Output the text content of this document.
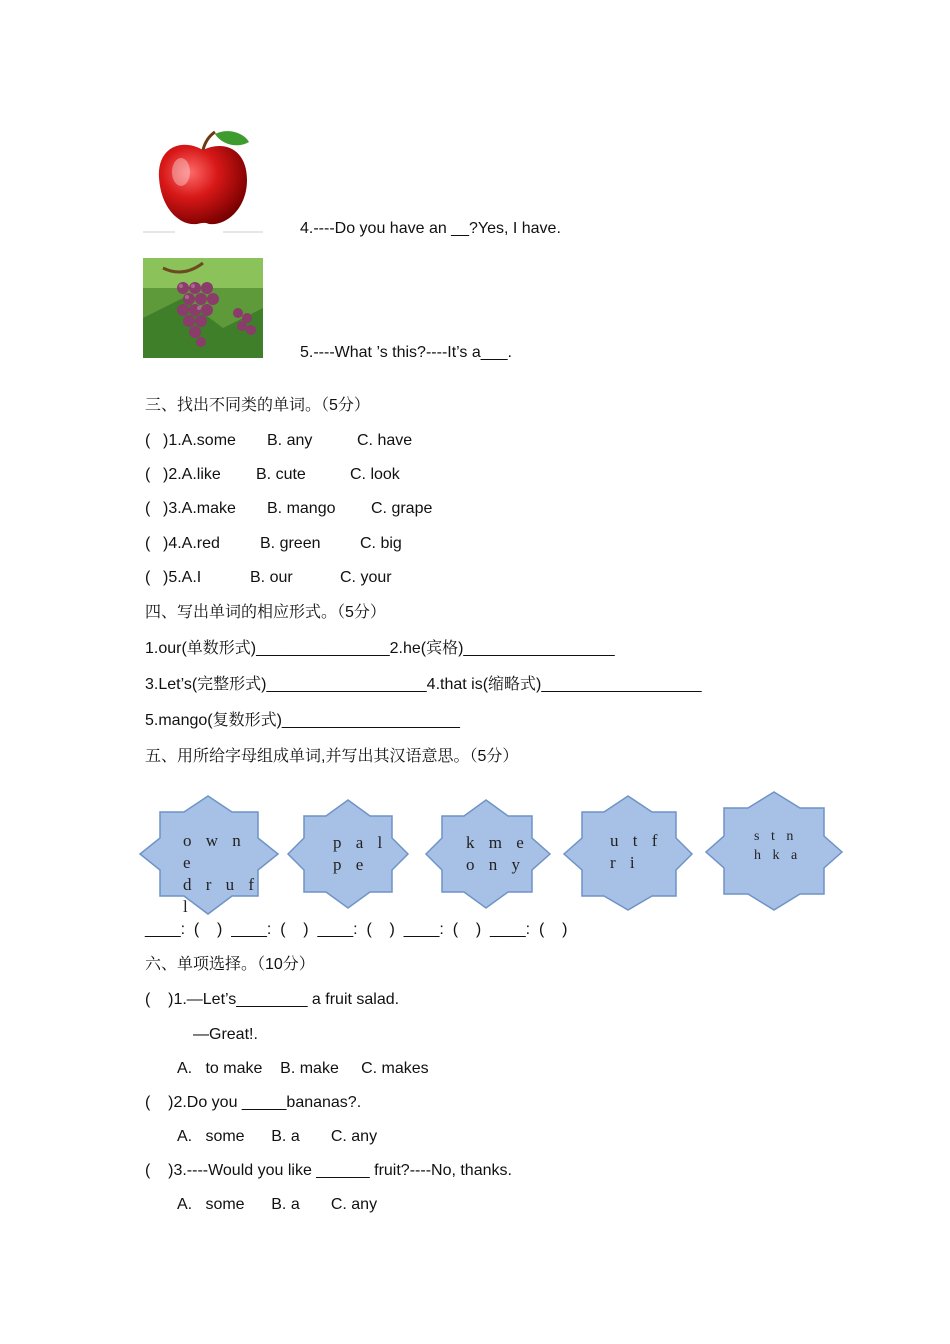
4.----Do you have an __?Yes, I have.
5.----What ’s this?----It’s a___.
三、找出不同类的单词。（5分）
( )1.A.some B. any	C. have
( )2.A.like B. cute	C. look
( )3.A.make B. mango C. grape
( )4.A.red	B. green C. big
( )5.A.I	B. our	C. your
四、写出单词的相应形式。（5分）
1.our(单数形式)_______________2.he(宾格)_________________
3.Let’s(完整形式)__________________4.that is(缩略式)__________________
5.mango(复数形式)____________________
五、用所给字母组成单词,并写出其汉语意思。（5分）
o w n
e
d r u f
l
p a l
p e
k m e
o n y
u t f
r i
s t n
h k a
____:  (    )  ____:  (    )  ____:  (    )  ____:  (    )  ____:  (    )
六、单项选择。（10分）
(    )1.—Let’s________ a fruit salad.
—Great!.
A.   to make    B. make     C. makes
(    )2.Do you _____bananas?.
A.   some      B. a       C. any
(    )3.----Would you like ______ fruit?----No, thanks.
A.   some      B. a       C. any
